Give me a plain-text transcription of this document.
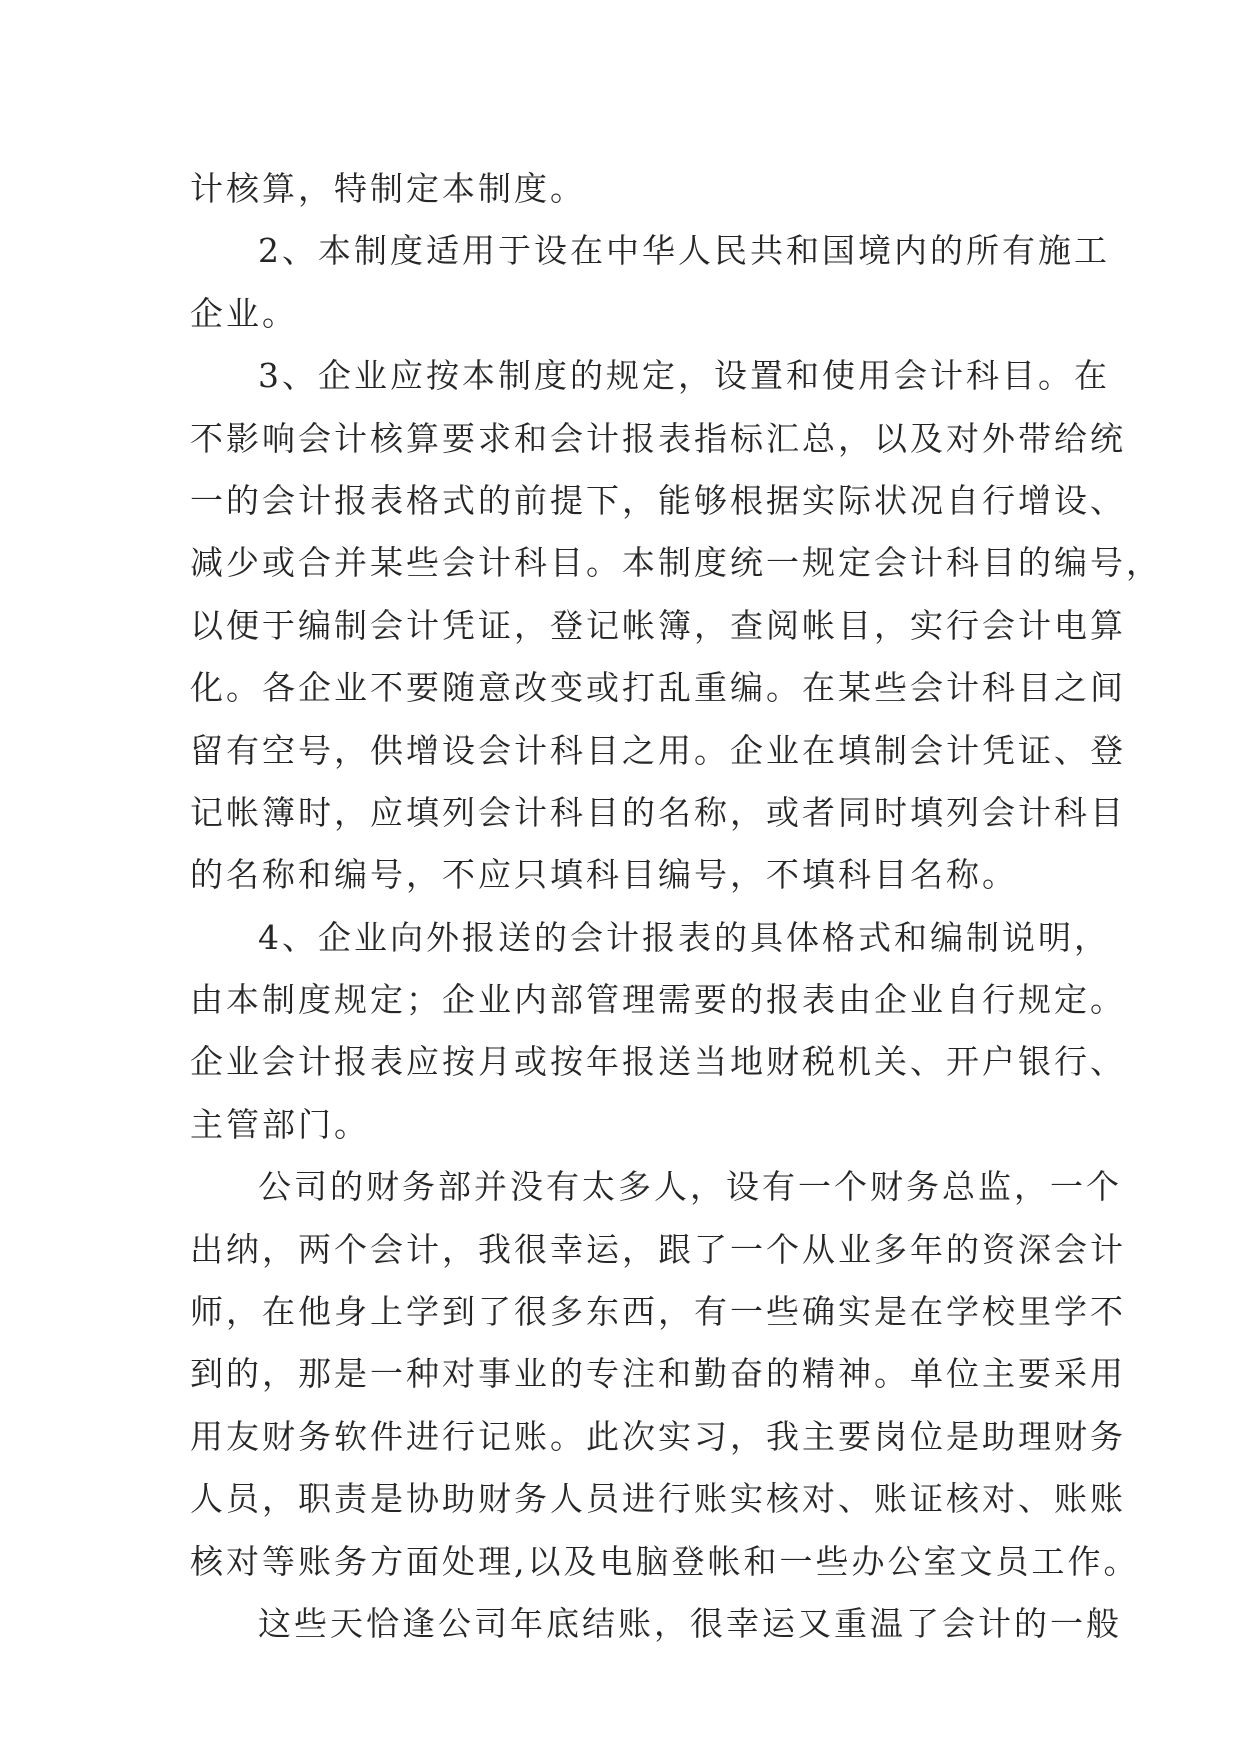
计核算，特制定本制度。
2、本制度适用于设在中华人民共和国境内的所有施工
企业。
3、企业应按本制度的规定，设置和使用会计科目。在
不影响会计核算要求和会计报表指标汇总，以及对外带给统
一的会计报表格式的前提下，能够根据实际状况自行增设、
减少或合并某些会计科目。本制度统一规定会计科目的编号，
以便于编制会计凭证，登记帐簿，查阅帐目，实行会计电算
化。各企业不要随意改变或打乱重编。在某些会计科目之间
留有空号，供增设会计科目之用。企业在填制会计凭证、登
记帐簿时，应填列会计科目的名称，或者同时填列会计科目
的名称和编号，不应只填科目编号，不填科目名称。
4、企业向外报送的会计报表的具体格式和编制说明，
由本制度规定；企业内部管理需要的报表由企业自行规定。
企业会计报表应按月或按年报送当地财税机关、开户银行、
主管部门。
公司的财务部并没有太多人，设有一个财务总监，一个
出纳，两个会计，我很幸运，跟了一个从业多年的资深会计
师，在他身上学到了很多东西，有一些确实是在学校里学不
到的，那是一种对事业的专注和勤奋的精神。单位主要采用
用友财务软件进行记账。此次实习，我主要岗位是助理财务
人员，职责是协助财务人员进行账实核对、账证核对、账账
核对等账务方面处理,以及电脑登帐和一些办公室文员工作。
这些天恰逢公司年底结账，很幸运又重温了会计的一般
